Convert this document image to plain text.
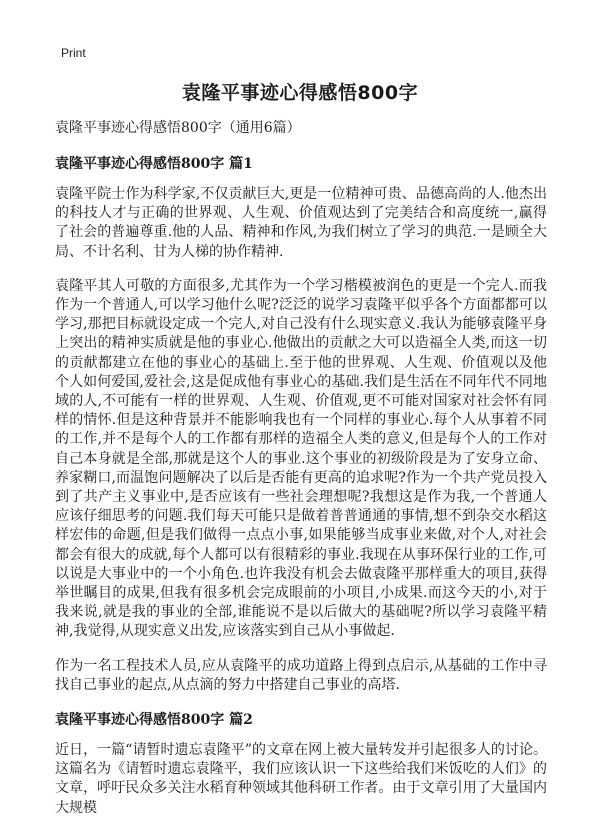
Print
袁隆平事迹心得感悟800字

袁隆平事迹心得感悟800字（通用6篇）

袁隆平事迹心得感悟800字 篇1

袁隆平院士作为科学家,不仅贡献巨大,更是一位精神可贵、品德高尚的人.他杰出的科技人才与正确的世界观、人生观、价值观达到了完美结合和高度统一,赢得了社会的普遍尊重.他的人品、精神和作风,为我们树立了学习的典范.一是顾全大局、不计名利、甘为人梯的协作精神.

袁隆平其人可敬的方面很多,尤其作为一个学习楷模被润色的更是一个完人.而我作为一个普通人,可以学习他什么呢?泛泛的说学习袁隆平似乎各个方面都都可以学习,那把目标就设定成一个完人,对自己没有什么现实意义.我认为能够袁隆平身上突出的精神实质就是他的事业心.他做出的贡献之大可以造福全人类,而这一切的贡献都建立在他的事业心的基础上.至于他的世界观、人生观、价值观以及他个人如何爱国,爱社会,这是促成他有事业心的基础.我们是生活在不同年代不同地域的人,不可能有一样的世界观、人生观、价值观,更不可能对国家对社会怀有同样的情怀.但是这种背景并不能影响我也有一个同样的事业心.每个人从事着不同的工作,并不是每个人的工作都有那样的造福全人类的意义,但是每个人的工作对自己本身就是全部,那就是这个人的事业.这个事业的初级阶段是为了安身立命、养家糊口,而温饱问题解决了以后是否能有更高的追求呢?作为一个共产党员投入到了共产主义事业中,是否应该有一些社会理想呢?我想这是作为我,一个普通人应该仔细思考的问题.我们每天可能只是做着普普通通的事情,想不到杂交水稻这样宏伟的命题,但是我们做得一点点小事,如果能够当成事业来做,对个人,对社会都会有很大的成就,每个人都可以有很精彩的事业.我现在从事环保行业的工作,可以说是大事业中的一个小角色.也许我没有机会去做袁隆平那样重大的项目,获得举世瞩目的成果,但我有很多机会完成眼前的小项目,小成果.而这今天的小,对于我来说,就是我的事业的全部,谁能说不是以后做大的基础呢?所以学习袁隆平精神,我觉得,从现实意义出发,应该落实到自己从小事做起.

作为一名工程技术人员,应从袁隆平的成功道路上得到点启示,从基础的工作中寻找自己事业的起点,从点滴的努力中搭建自己事业的高塔.

袁隆平事迹心得感悟800字 篇2

近日，一篇“请暂时遗忘袁隆平”的文章在网上被大量转发并引起很多人的讨论。这篇名为《请暂时遗忘袁隆平，我们应该认识一下这些给我们米饭吃的人们》的文章，呼吁民众多关注水稻育种领域其他科研工作者。由于文章引用了大量国内大规模
